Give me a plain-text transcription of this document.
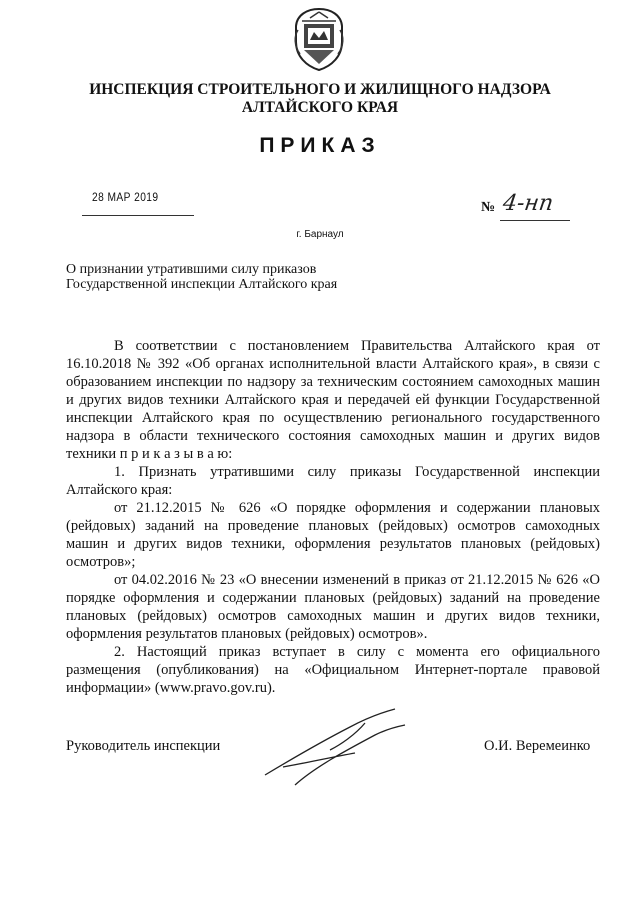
ИНСПЕКЦИЯ СТРОИТЕЛЬНОГО И ЖИЛИЩНОГО НАДЗОРА
АЛТАЙСКОГО КРАЯ
ПРИКАЗ
28 МАР 2019
№ 4-нп
г. Барнаул
О признании утратившими силу приказов Государственной инспекции Алтайского края

В соответствии с постановлением Правительства Алтайского края от 16.10.2018 № 392 «Об органах исполнительной власти Алтайского края», в связи с образованием инспекции по надзору за техническим состоянием самоходных машин и других видов техники Алтайского края и передачей ей функции Государственной инспекции Алтайского края по осуществлению регионального государственного надзора в области технического состояния самоходных машин и других видов техники п р и к а з ы в а ю:

1. Признать утратившими силу приказы Государственной инспекции Алтайского края:

от 21.12.2015 № 626 «О порядке оформления и содержании плановых (рейдовых) заданий на проведение плановых (рейдовых) осмотров самоходных машин и других видов техники, оформления результатов плановых (рейдовых) осмотров»;

от 04.02.2016 № 23 «О внесении изменений в приказ от 21.12.2015 № 626 «О порядке оформления и содержании плановых (рейдовых) заданий на проведение плановых (рейдовых) осмотров самоходных машин и других видов техники, оформления результатов плановых (рейдовых) осмотров».

2. Настоящий приказ вступает в силу с момента его официального размещения (опубликования) на «Официальном Интернет-портале правовой информации» (www.pravo.gov.ru).

Руководитель инспекции	О.И. Веремеинко
